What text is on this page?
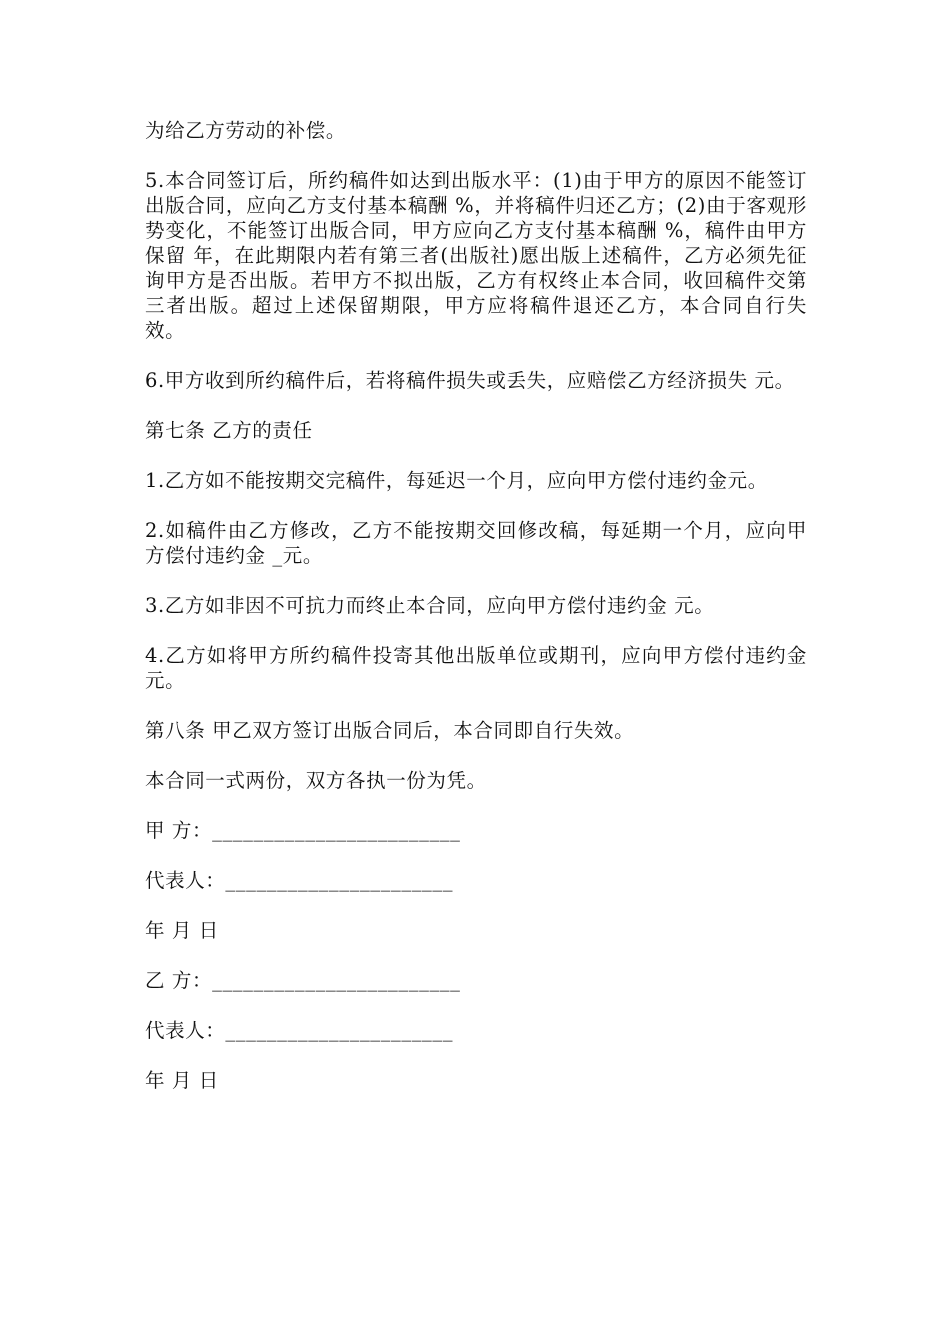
为给乙方劳动的补偿。

5.本合同签订后，所约稿件如达到出版水平：(1)由于甲方的原因不能签订出版合同，应向乙方支付基本稿酬 %，并将稿件归还乙方；(2)由于客观形势变化，不能签订出版合同，甲方应向乙方支付基本稿酬 %，稿件由甲方保留 年，在此期限内若有第三者(出版社)愿出版上述稿件，乙方必须先征询甲方是否出版。若甲方不拟出版，乙方有权终止本合同，收回稿件交第三者出版。超过上述保留期限，甲方应将稿件退还乙方，本合同自行失效。

6.甲方收到所约稿件后，若将稿件损失或丢失，应赔偿乙方经济损失 元。

第七条 乙方的责任

1.乙方如不能按期交完稿件，每延迟一个月，应向甲方偿付违约金元。

2.如稿件由乙方修改，乙方不能按期交回修改稿，每延期一个月，应向甲方偿付违约金 _元。

3.乙方如非因不可抗力而终止本合同，应向甲方偿付违约金 元。

4.乙方如将甲方所约稿件投寄其他出版单位或期刊，应向甲方偿付违约金 元。

第八条 甲乙双方签订出版合同后，本合同即自行失效。

本合同一式两份，双方各执一份为凭。

甲 方：________________________

代表人：______________________

年 月 日

乙 方：________________________

代表人：______________________

年 月 日
